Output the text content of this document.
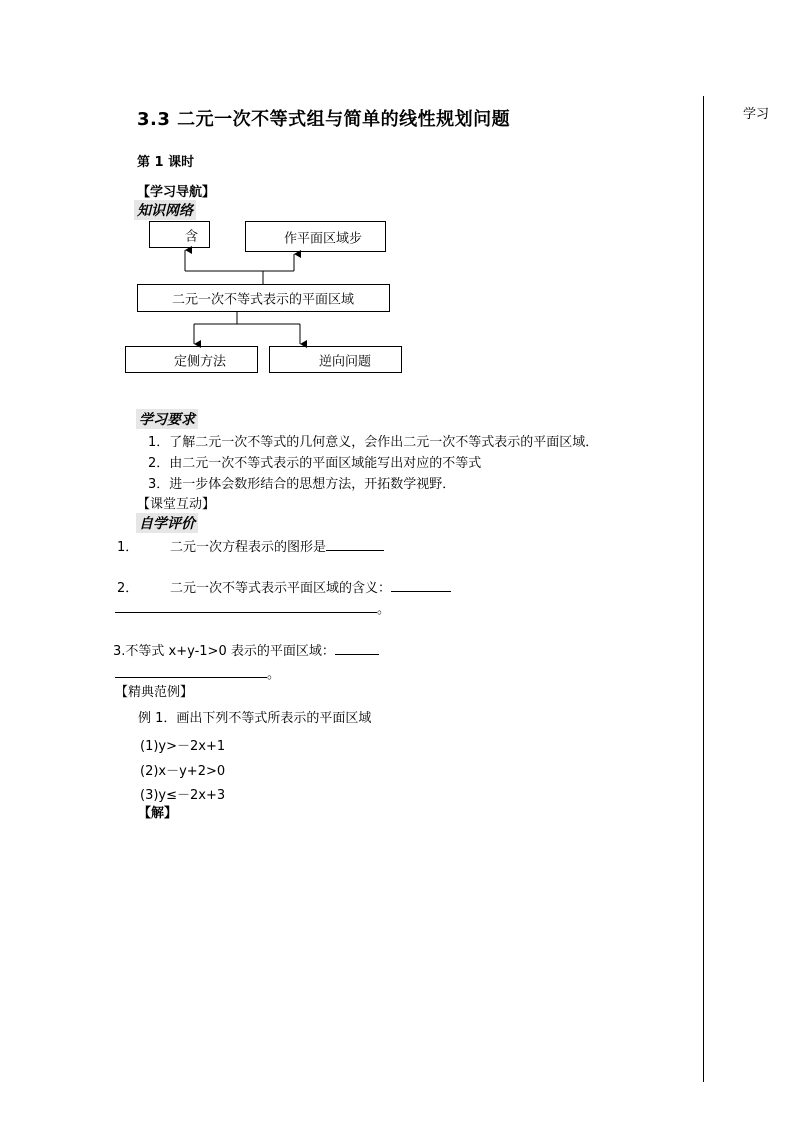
3.3 二元一次不等式组与简单的线性规划问题
第 1 课时
学习
【学习导航】
知识网络
含	作平面区域步
二元一次不等式表示的平面区域
定侧方法	逆向问题
学习要求
1．了解二元一次不等式的几何意义，会作出二元一次不等式表示的平面区域．
2．由二元一次不等式表示的平面区域能写出对应的不等式
3．进一步体会数形结合的思想方法，开拓数学视野．
【课堂互动】
自学评价
1． 二元一次方程表示的图形是
2． 二元一次不等式表示平面区域的含义：
。
3.不等式 x+y-1>0 表示的平面区域：
。
【精典范例】
例 1．画出下列不等式所表示的平面区域
(1)y>－2x+1
(2)x－y+2>0
(3)y≤－2x+3
【解】
